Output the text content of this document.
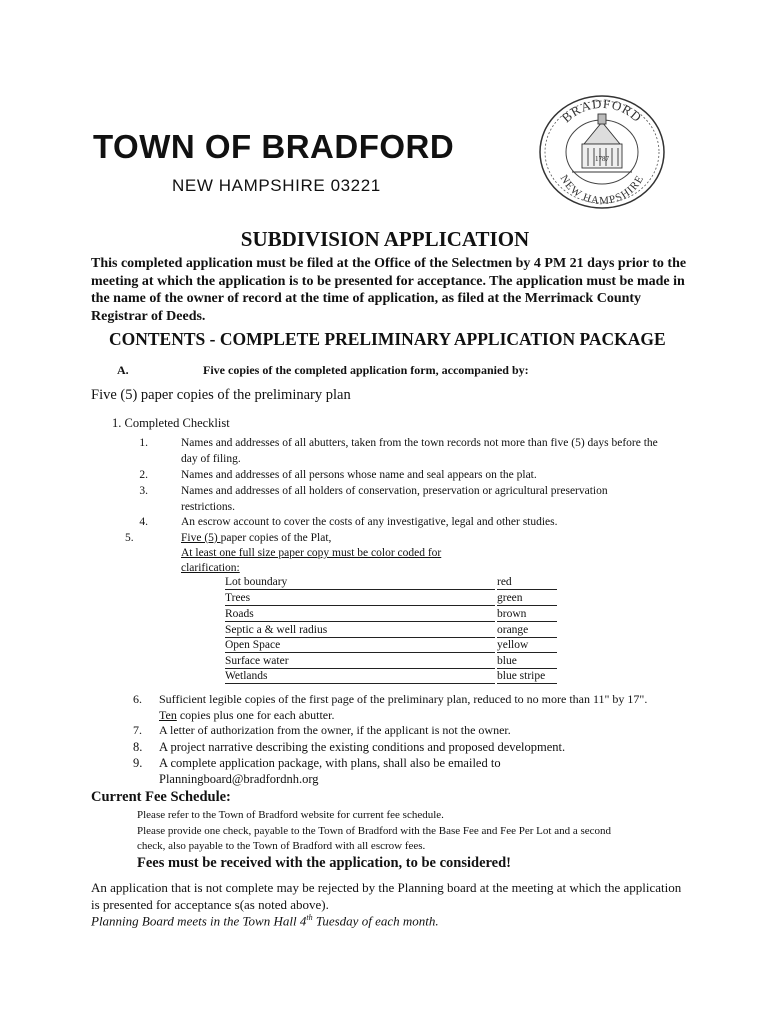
TOWN OF BRADFORD
NEW HAMPSHIRE 03221
BRADFORD
NEW HAMPSHIRE
1787
SUBDIVISION APPLICATION
This completed application must be filed at the Office of the Selectmen by 4 PM 21 days prior to the meeting at which the application is to be presented for acceptance. The application must be made in the name of the owner of record at the time of application, as filed at the Merrimack County Registrar of Deeds.
CONTENTS - COMPLETE PRELIMINARY APPLICATION PACKAGE
A.	Five copies of the completed application form, accompanied by:
Five (5) paper copies of the preliminary plan
1. Completed Checklist
1.	Names and addresses of all abutters, taken from the town records not more than five (5) days before the day of filing.
2.	Names and addresses of all persons whose name and seal appears on the plat.
3.	Names and addresses of all holders of conservation, preservation or agricultural preservation restrictions.
4.	An escrow account to cover the costs of any investigative, legal and other studies.
5.	Five (5) paper copies of the Plat,
At least one full size paper copy must be color coded for
clarification:
Lot boundary	red
Trees	green
Roads	brown
Septic a & well radius	orange
Open Space	yellow
Surface water	blue
Wetlands	blue stripe
6. Sufficient legible copies of the first page of the preliminary plan, reduced to no more than 11" by 17".
Ten copies plus one for each abutter.
7. A letter of authorization from the owner, if the applicant is not the owner.
8. A project narrative describing the existing conditions and proposed development.
9. A complete application package, with plans, shall also be emailed to
Planningboard@bradfordnh.org
Current Fee Schedule:
Please refer to the Town of Bradford website for current fee schedule.
Please provide one check, payable to the Town of Bradford with the Base Fee and Fee Per Lot and a second
check, also payable to the Town of Bradford with all escrow fees.
Fees must be received with the application, to be considered!
An application that is not complete may be rejected by the Planning board at the meeting at which the application is presented for acceptance s(as noted above).
Planning Board meets in the Town Hall 4th Tuesday of each month.
